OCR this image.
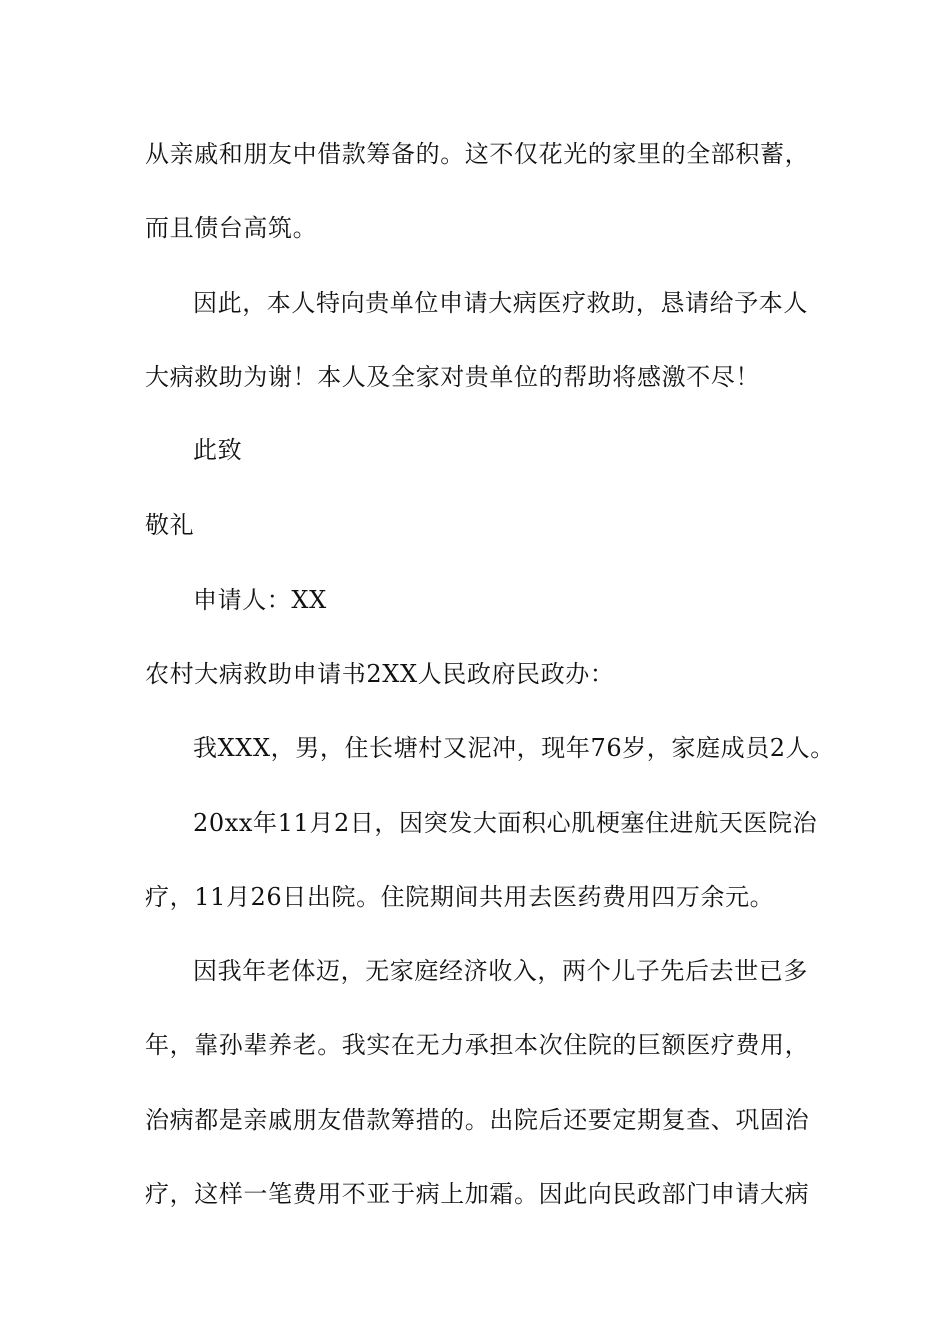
从亲戚和朋友中借款筹备的。这不仅花光的家里的全部积蓄，
而且债台高筑。
因此，本人特向贵单位申请大病医疗救助，恳请给予本人
大病救助为谢！本人及全家对贵单位的帮助将感激不尽！
此致
敬礼
申请人：XX
农村大病救助申请书2XX人民政府民政办：
我XXX，男，住长塘村又泥冲，现年76岁，家庭成员2人。
20xx年11月2日，因突发大面积心肌梗塞住进航天医院治
疗，11月26日出院。住院期间共用去医药费用四万余元。
因我年老体迈，无家庭经济收入，两个儿子先后去世已多
年，靠孙辈养老。我实在无力承担本次住院的巨额医疗费用，
治病都是亲戚朋友借款筹措的。出院后还要定期复查、巩固治
疗，这样一笔费用不亚于病上加霜。因此向民政部门申请大病
